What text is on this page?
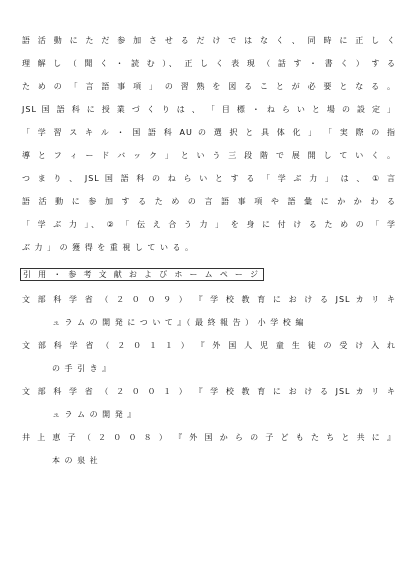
語 活 動 に た だ 参 加 さ せ る だ け で は な く 、 同 時 に 正 し く
理 解 し （ 聞 く ・ 読 む ）、 正 し く 表 現 （ 話 す ・ 書 く ） す る
た め の 「 言 語 事 項 」 の 習 熟 を 図 る こ と が 必 要 と な る 。
JSL 国 語 科 に 授 業 づ く り は 、 「 目 標 ・ ね ら い と 場 の 設 定 」
「 学 習 ス キ ル ・ 国 語 科 AU の 選 択 と 具 体 化 」 「 実 際 の 指
導 と フ ィ ー ド バ ッ ク 」 と い う 三 段 階 で 展 開 し て い く 。
つ ま り 、 JSL 国 語 科 の ね ら い と す る 「 学 ぶ 力 」 は 、 ① 言
語 活 動 に 参 加 す る た め の 言 語 事 項 や 語 彙 に か か わ る
「 学 ぶ 力 」、 ② 「 伝 え 合 う 力 」 を 身 に 付 け る た め の 「 学
ぶ 力 」 の 獲 得 を 重 視 し て い る 。
引 用 ・ 参 考 文 献 お よ び ホ ー ム ペ ー ジ
文 部 科 学 省 （ ２ ０ ０ ９ ） 『 学 校 教 育 に お け る JSL カ リ キ
ュ ラ ム の 開 発 に つ い て 』（ 最 終 報 告 ） 小 学 校 編
文 部 科 学 省 （ ２ ０ １ １ ） 『 外 国 人 児 童 生 徒 の 受 け 入 れ
の 手 引 き 』
文 部 科 学 省 （ ２ ０ ０ １ ） 『 学 校 教 育 に お け る JSL カ リ キ
ュ ラ ム の 開 発 』
井 上 恵 子 （ ２ ０ ０ ８ ） 『 外 国 か ら の 子 ど も た ち と 共 に 』
本 の 泉 社
